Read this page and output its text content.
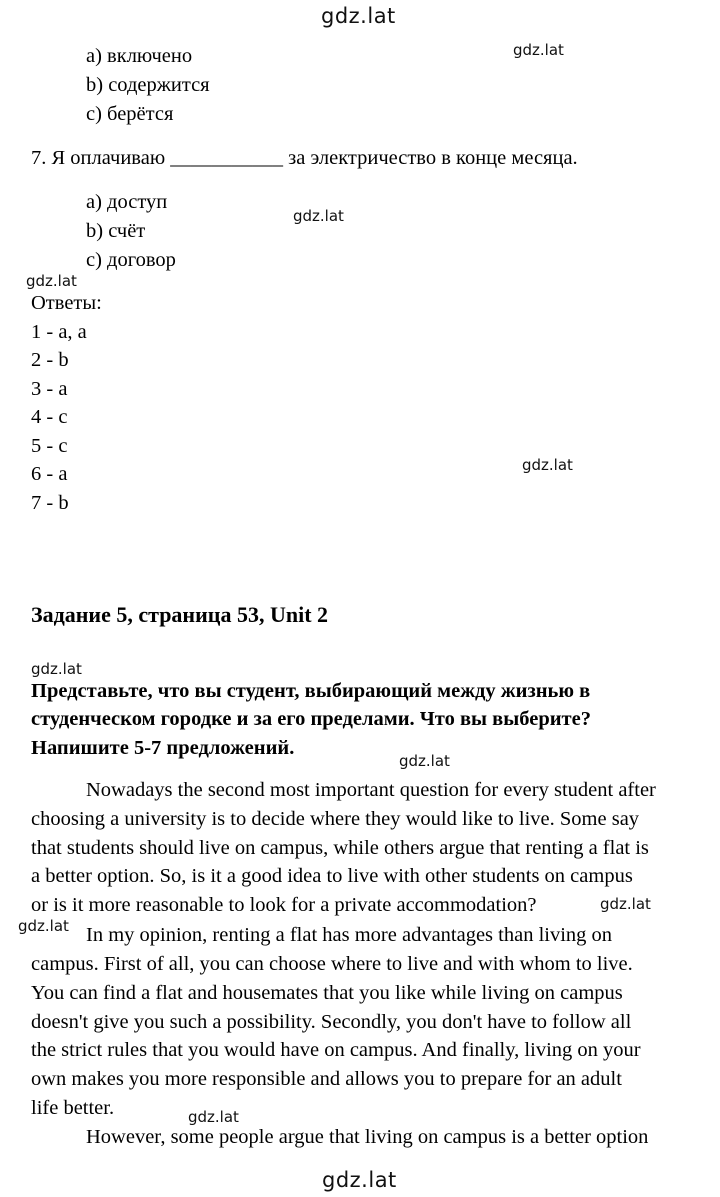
gdz.lat
gdz.lat
gdz.lat
gdz.lat
gdz.lat
gdz.lat
gdz.lat
gdz.lat
gdz.lat
gdz.lat
gdz.lat
a) включено
b) содержится
c) берётся
7. Я оплачиваю ___________ за электричество в конце месяца.
a) доступ
b) счёт
c) договор
Ответы:
1 - a, a
2 - b
3 - a
4 - c
5 - c
6 - a
7 - b
Задание 5, страница 53, Unit 2
Представьте, что вы студент, выбирающий между жизнью в
студенческом городке и за его пределами. Что вы выберите?
Напишите 5-7 предложений.
Nowadays the second most important question for every student after
choosing a university is to decide where they would like to live. Some say
that students should live on campus, while others argue that renting a flat is
a better option. So, is it a good idea to live with other students on campus
or is it more reasonable to look for a private accommodation?
In my opinion, renting a flat has more advantages than living on
campus. First of all, you can choose where to live and with whom to live.
You can find a flat and housemates that you like while living on campus
doesn't give you such a possibility. Secondly, you don't have to follow all
the strict rules that you would have on campus. And finally, living on your
own makes you more responsible and allows you to prepare for an adult
life better.
However, some people argue that living on campus is a better option
